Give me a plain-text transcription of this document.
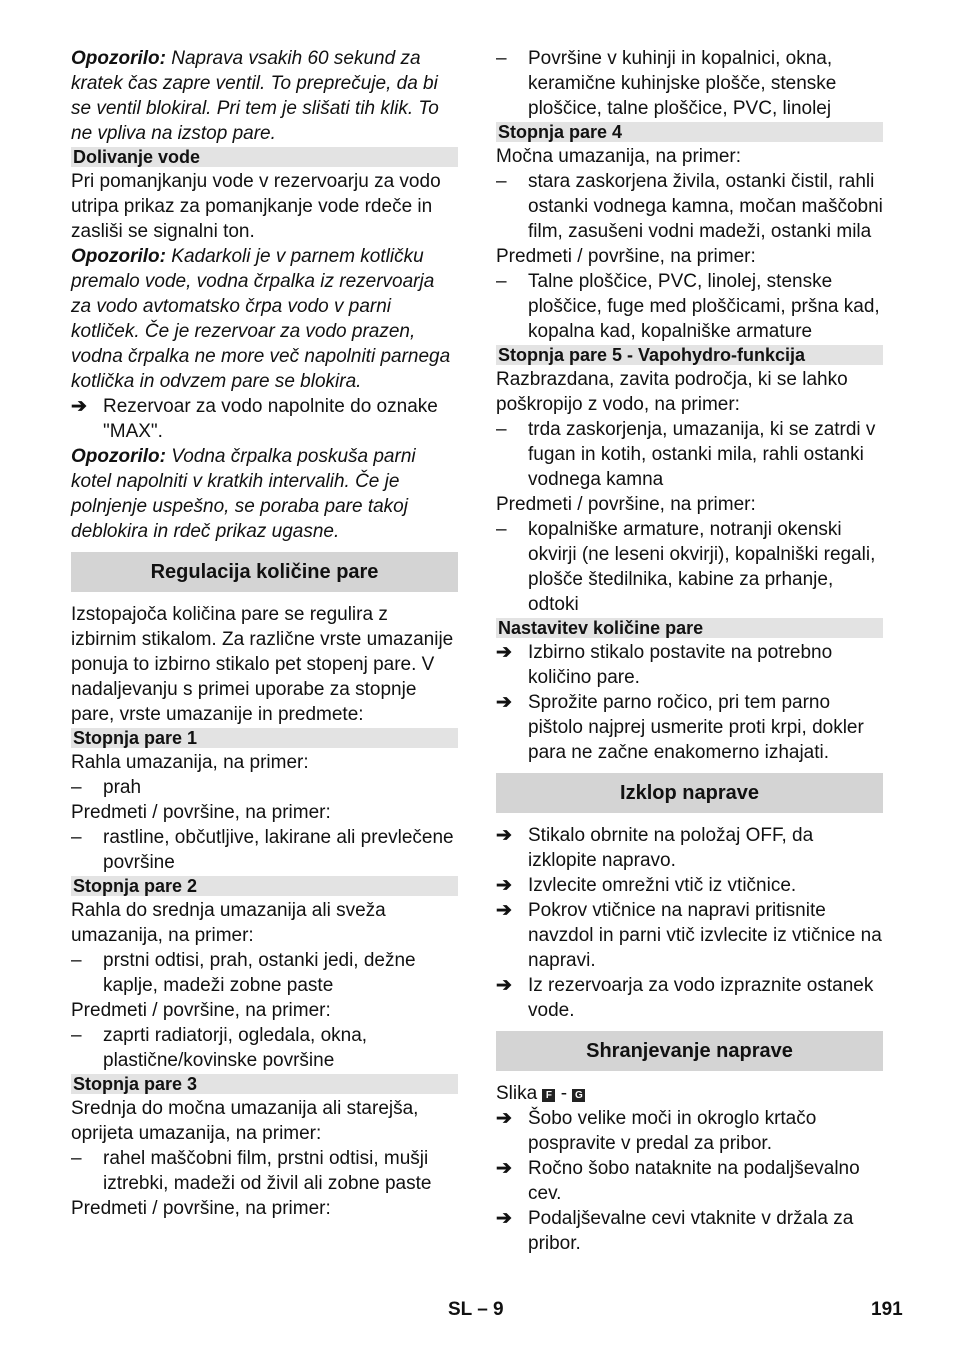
Opozorilo: Naprava vsakih 60 sekund za kratek čas zapre ventil. To preprečuje, da bi se ventil blokiral. Pri tem je slišati tih klik. To ne vpliva na izstop pare.

Dolivanje vode

Pri pomanjkanju vode v rezervoarju za vodo utripa prikaz za pomanjkanje vode rdeče in zasliši se signalni ton.

Opozorilo: Kadarkoli je v parnem kotličku premalo vode, vodna črpalka iz rezervoarja za vodo avtomatsko črpa vodo v parni kotliček. Če je rezervoar za vodo prazen, vodna črpalka ne more več napolniti parnega kotlička in odvzem pare se blokira.

➔ Rezervoar za vodo napolnite do oznake "MAX".

Opozorilo: Vodna črpalka poskuša parni kotel napolniti v kratkih intervalih. Če je polnjenje uspešno, se poraba pare takoj deblokira in rdeč prikaz ugasne.

Regulacija količine pare

Izstopajoča količina pare se regulira z izbirnim stikalom. Za različne vrste umazanije ponuja to izbirno stikalo pet stopenj pare. V nadaljevanju s primei uporabe za stopnje pare, vrste umazanije in predmete:

Stopnja pare 1

Rahla umazanija, na primer:

– prah

Predmeti / površine, na primer:

– rastline, občutljive, lakirane ali prevlečene površine

Stopnja pare 2

Rahla do srednja umazanija ali sveža umazanija, na primer:

– prstni odtisi, prah, ostanki jedi, dežne kaplje, madeži zobne paste

Predmeti / površine, na primer:

– zaprti radiatorji, ogledala, okna, plastične/kovinske površine

Stopnja pare 3

Srednja do močna umazanija ali starejša, oprijeta umazanija, na primer:

– rahel maščobni film, prstni odtisi, mušji iztrebki, madeži od živil ali zobne paste

Predmeti / površine, na primer:

– Površine v kuhinji in kopalnici, okna, keramične kuhinjske plošče, stenske ploščice, talne ploščice, PVC, linolej

Stopnja pare 4

Močna umazanija, na primer:

– stara zaskorjena živila, ostanki čistil, rahli ostanki vodnega kamna, močan maščobni film, zasušeni vodni madeži, ostanki mila

Predmeti / površine, na primer:

– Talne ploščice, PVC, linolej, stenske ploščice, fuge med ploščicami, pršna kad, kopalna kad, kopalniške armature

Stopnja pare 5 - Vapohydro-funkcija

Razbrazdana, zavita področja, ki se lahko poškropijo z vodo, na primer:

– trda zaskorjenja, umazanija, ki se zatrdi v fugan in kotih, ostanki mila, rahli ostanki vodnega kamna

Predmeti / površine, na primer:

– kopalniške armature, notranji okenski okvirji (ne leseni okvirji), kopalniški regali, plošče štedilnika, kabine za prhanje, odtoki

Nastavitev količine pare

➔ Izbirno stikalo postavite na potrebno količino pare.

➔ Sprožite parno ročico, pri tem parno pištolo najprej usmerite proti krpi, dokler para ne začne enakomerno izhajati.

Izklop naprave

➔ Stikalo obrnite na položaj OFF, da izklopite napravo.

➔ Izvlecite omrežni vtič iz vtičnice.

➔ Pokrov vtičnice na napravi pritisnite navzdol in parni vtič izvlecite iz vtičnice na napravi.

➔ Iz rezervoarja za vodo izpraznite ostanek vode.

Shranjevanje naprave

Slika F - G

➔ Šobo velike moči in okroglo krtačo pospravite v predal za pribor.

➔ Ročno šobo nataknite na podaljševalno cev.

➔ Podaljševalne cevi vtaknite v držala za pribor.

SL – 9	191
